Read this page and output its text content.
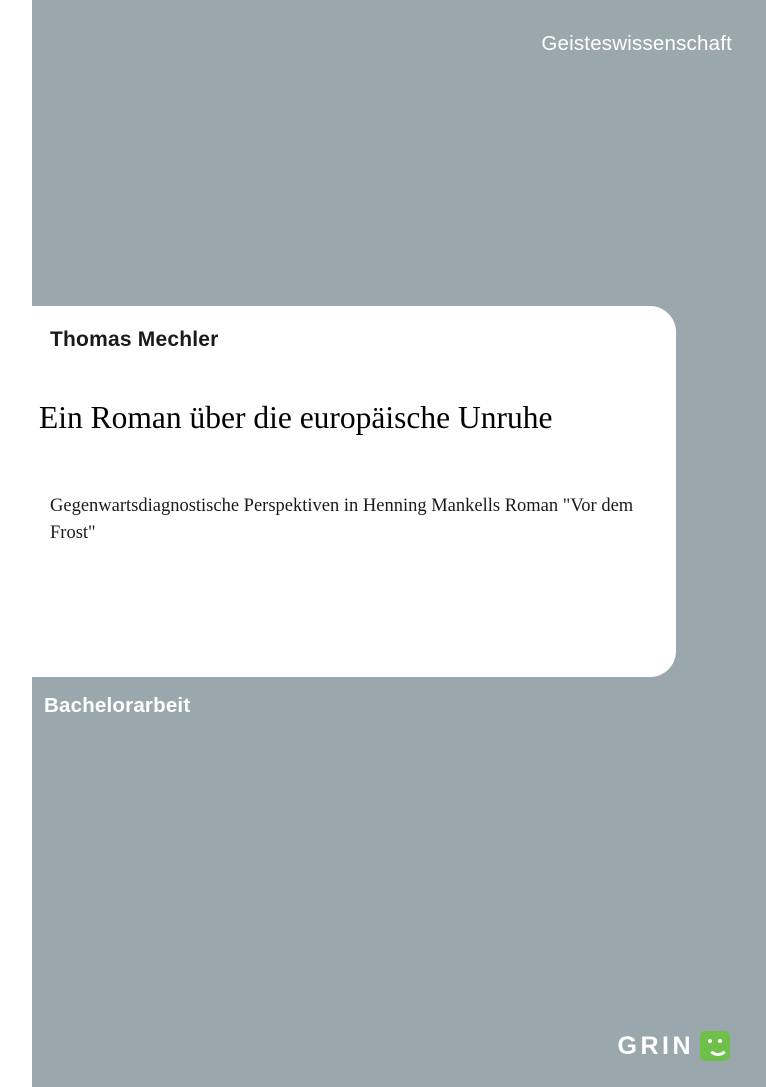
Geisteswissenschaft
Thomas Mechler
Ein Roman über die europäische Unruhe
Gegenwartsdiagnostische Perspektiven in Henning Mankells Roman "Vor dem Frost"
Bachelorarbeit
GRIN
